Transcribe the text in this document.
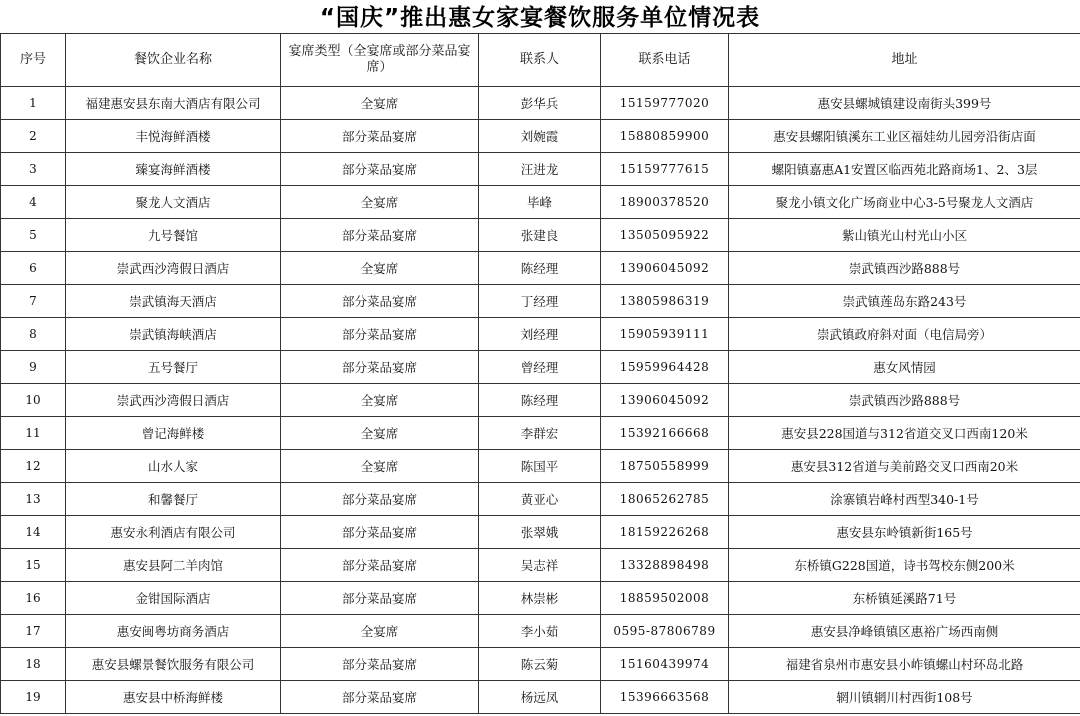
“国庆”推出惠女家宴餐饮服务单位情况表
序号	餐饮企业名称	宴席类型（全宴席或部分菜品宴席）	联系人	联系电话	地址
1	福建惠安县东南大酒店有限公司	全宴席	彭华兵	15159777020	惠安县螺城镇建设南街头399号
2	丰悦海鲜酒楼	部分菜品宴席	刘婉霞	15880859900	惠安县螺阳镇溪东工业区福娃幼儿园旁沿街店面
3	臻宴海鲜酒楼	部分菜品宴席	汪进龙	15159777615	螺阳镇嘉惠A1安置区临西苑北路商场1、2、3层
4	聚龙人文酒店	全宴席	毕峰	18900378520	聚龙小镇文化广场商业中心3-5号聚龙人文酒店
5	九号餐馆	部分菜品宴席	张建良	13505095922	紫山镇光山村光山小区
6	崇武西沙湾假日酒店	全宴席	陈经理	13906045092	崇武镇西沙路888号
7	崇武镇海天酒店	部分菜品宴席	丁经理	13805986319	崇武镇莲岛东路243号
8	崇武镇海峡酒店	部分菜品宴席	刘经理	15905939111	崇武镇政府斜对面（电信局旁）
9	五号餐厅	部分菜品宴席	曾经理	15959964428	惠女风情园
10	崇武西沙湾假日酒店	全宴席	陈经理	13906045092	崇武镇西沙路888号
11	曾记海鲜楼	全宴席	李群宏	15392166668	惠安县228国道与312省道交叉口西南120米
12	山水人家	全宴席	陈国平	18750558999	惠安县312省道与美前路交叉口西南20米
13	和馨餐厅	部分菜品宴席	黄亚心	18065262785	涂寨镇岩峰村西型340-1号
14	惠安永利酒店有限公司	部分菜品宴席	张翠娥	18159226268	惠安县东岭镇新街165号
15	惠安县阿二羊肉馆	部分菜品宴席	吴志祥	13328898498	东桥镇G228国道，诗书驾校东侧200米
16	金钳国际酒店	部分菜品宴席	林崇彬	18859502008	东桥镇延溪路71号
17	惠安闽粤坊商务酒店	全宴席	李小茹	0595-87806789	惠安县净峰镇镇区惠裕广场西南侧
18	惠安县螺景餐饮服务有限公司	部分菜品宴席	陈云菊	15160439974	福建省泉州市惠安县小岞镇螺山村环岛北路
19	惠安县中桥海鲜楼	部分菜品宴席	杨远凤	15396663568	辋川镇辋川村西街108号
